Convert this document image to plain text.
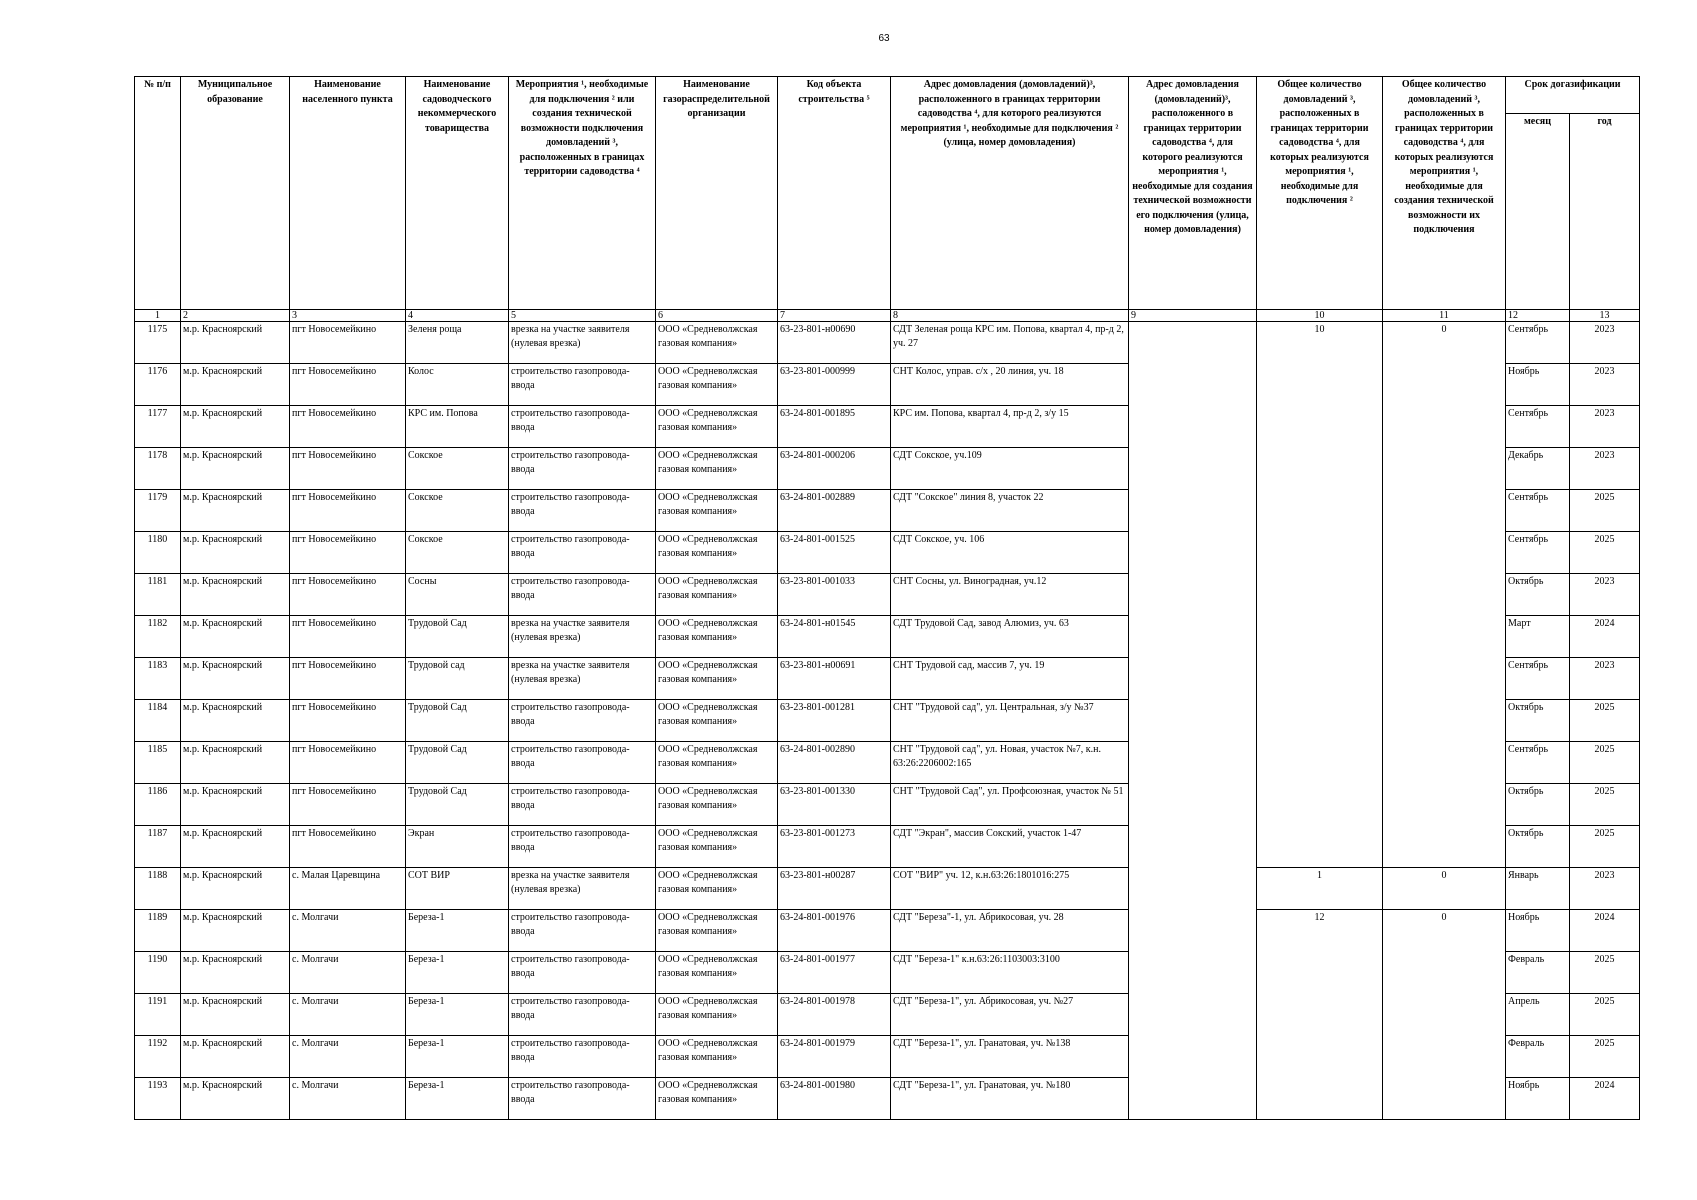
63
№ п/п	Муниципальное образование	Наименование населенного пункта	Наименование садоводческого некоммерческого товарищества	Мероприятия ¹, необходимые для подключения ² или создания технической возможности подключения домовладений ³, расположенных в границах территории садоводства ⁴	Наименование газораспределительной организации	Код объекта строительства ⁵	Адрес домовладения (домовладений)³, расположенного в границах территории садоводства ⁴, для которого реализуются мероприятия ¹, необходимые для подключения ² (улица, номер домовладения)	Адрес домовладения (домовладений)³, расположенного в границах территории садоводства ⁴, для которого реализуются мероприятия ¹, необходимые для создания технической возможности его подключения (улица, номер домовладения)	Общее количество домовладений ³, расположенных в границах территории садоводства ⁴, для которых реализуются мероприятия ¹, необходимые для подключения ²	Общее количество домовладений ³, расположенных в границах территории садоводства ⁴, для которых реализуются мероприятия ¹, необходимые для создания технической возможности их подключения	Срок догазификации	
											месяц	год
1	2	3	4	5	6	7	8	9	10	11	12	13
1175	м.р. Красноярский	пгт Новосемейкино	Зеленя роща	врезка на участке заявителя (нулевая врезка)	ООО «Средневолжская газовая компания»	63-23-801-н00690	СДТ Зеленая роща КРС им. Попова, квартал 4, пр-д 2, уч. 27		10	0	Сентябрь	2023
1176	м.р. Красноярский	пгт Новосемейкино	Колос	строительство газопровода-ввода	ООО «Средневолжская газовая компания»	63-23-801-000999	СНТ Колос, управ. с/х , 20 линия, уч. 18				Ноябрь	2023
1177	м.р. Красноярский	пгт Новосемейкино	КРС им. Попова	строительство газопровода-ввода	ООО «Средневолжская газовая компания»	63-24-801-001895	КРС им. Попова, квартал 4, пр-д 2, з/у 15				Сентябрь	2023
1178	м.р. Красноярский	пгт Новосемейкино	Сокское	строительство газопровода-ввода	ООО «Средневолжская газовая компания»	63-24-801-000206	СДТ Сокское, уч.109				Декабрь	2023
1179	м.р. Красноярский	пгт Новосемейкино	Сокское	строительство газопровода-ввода	ООО «Средневолжская газовая компания»	63-24-801-002889	СДТ "Сокское" линия 8, участок 22				Сентябрь	2025
1180	м.р. Красноярский	пгт Новосемейкино	Сокское	строительство газопровода-ввода	ООО «Средневолжская газовая компания»	63-24-801-001525	СДТ Сокское, уч. 106				Сентябрь	2025
1181	м.р. Красноярский	пгт Новосемейкино	Сосны	строительство газопровода-ввода	ООО «Средневолжская газовая компания»	63-23-801-001033	СНТ Сосны, ул. Виноградная, уч.12				Октябрь	2023
1182	м.р. Красноярский	пгт Новосемейкино	Трудовой Сад	врезка на участке заявителя (нулевая врезка)	ООО «Средневолжская газовая компания»	63-24-801-н01545	СДТ Трудовой Сад, завод Алюмиз, уч. 63				Март	2024
1183	м.р. Красноярский	пгт Новосемейкино	Трудовой сад	врезка на участке заявителя (нулевая врезка)	ООО «Средневолжская газовая компания»	63-23-801-н00691	СНТ Трудовой сад, массив 7, уч. 19				Сентябрь	2023
1184	м.р. Красноярский	пгт Новосемейкино	Трудовой Сад	строительство газопровода-ввода	ООО «Средневолжская газовая компания»	63-23-801-001281	СНТ "Трудовой сад", ул. Центральная, з/у №37				Октябрь	2025
1185	м.р. Красноярский	пгт Новосемейкино	Трудовой Сад	строительство газопровода-ввода	ООО «Средневолжская газовая компания»	63-24-801-002890	СНТ "Трудовой сад", ул. Новая, участок №7, к.н. 63:26:2206002:165				Сентябрь	2025
1186	м.р. Красноярский	пгт Новосемейкино	Трудовой Сад	строительство газопровода-ввода	ООО «Средневолжская газовая компания»	63-23-801-001330	СНТ "Трудовой Сад", ул. Профсоюзная, участок № 51				Октябрь	2025
1187	м.р. Красноярский	пгт Новосемейкино	Экран	строительство газопровода-ввода	ООО «Средневолжская газовая компания»	63-23-801-001273	СДТ "Экран", массив Сокский, участок 1-47				Октябрь	2025
1188	м.р. Красноярский	с. Малая Царевщина	СОТ ВИР	врезка на участке заявителя (нулевая врезка)	ООО «Средневолжская газовая компания»	63-23-801-н00287	СОТ "ВИР" уч. 12, к.н.63:26:1801016:275		1	0	Январь	2023
1189	м.р. Красноярский	с. Молгачи	Береза-1	строительство газопровода-ввода	ООО «Средневолжская газовая компания»	63-24-801-001976	СДТ "Береза"-1, ул. Абрикосовая, уч. 28		12	0	Ноябрь	2024
1190	м.р. Красноярский	с. Молгачи	Береза-1	строительство газопровода-ввода	ООО «Средневолжская газовая компания»	63-24-801-001977	СДТ "Береза-1" к.н.63:26:1103003:3100				Февраль	2025
1191	м.р. Красноярский	с. Молгачи	Береза-1	строительство газопровода-ввода	ООО «Средневолжская газовая компания»	63-24-801-001978	СДТ "Береза-1", ул. Абрикосовая, уч. №27				Апрель	2025
1192	м.р. Красноярский	с. Молгачи	Береза-1	строительство газопровода-ввода	ООО «Средневолжская газовая компания»	63-24-801-001979	СДТ "Береза-1", ул. Гранатовая, уч. №138				Февраль	2025
1193	м.р. Красноярский	с. Молгачи	Береза-1	строительство газопровода-ввода	ООО «Средневолжская газовая компания»	63-24-801-001980	СДТ "Береза-1", ул. Гранатовая, уч. №180				Ноябрь	2024
